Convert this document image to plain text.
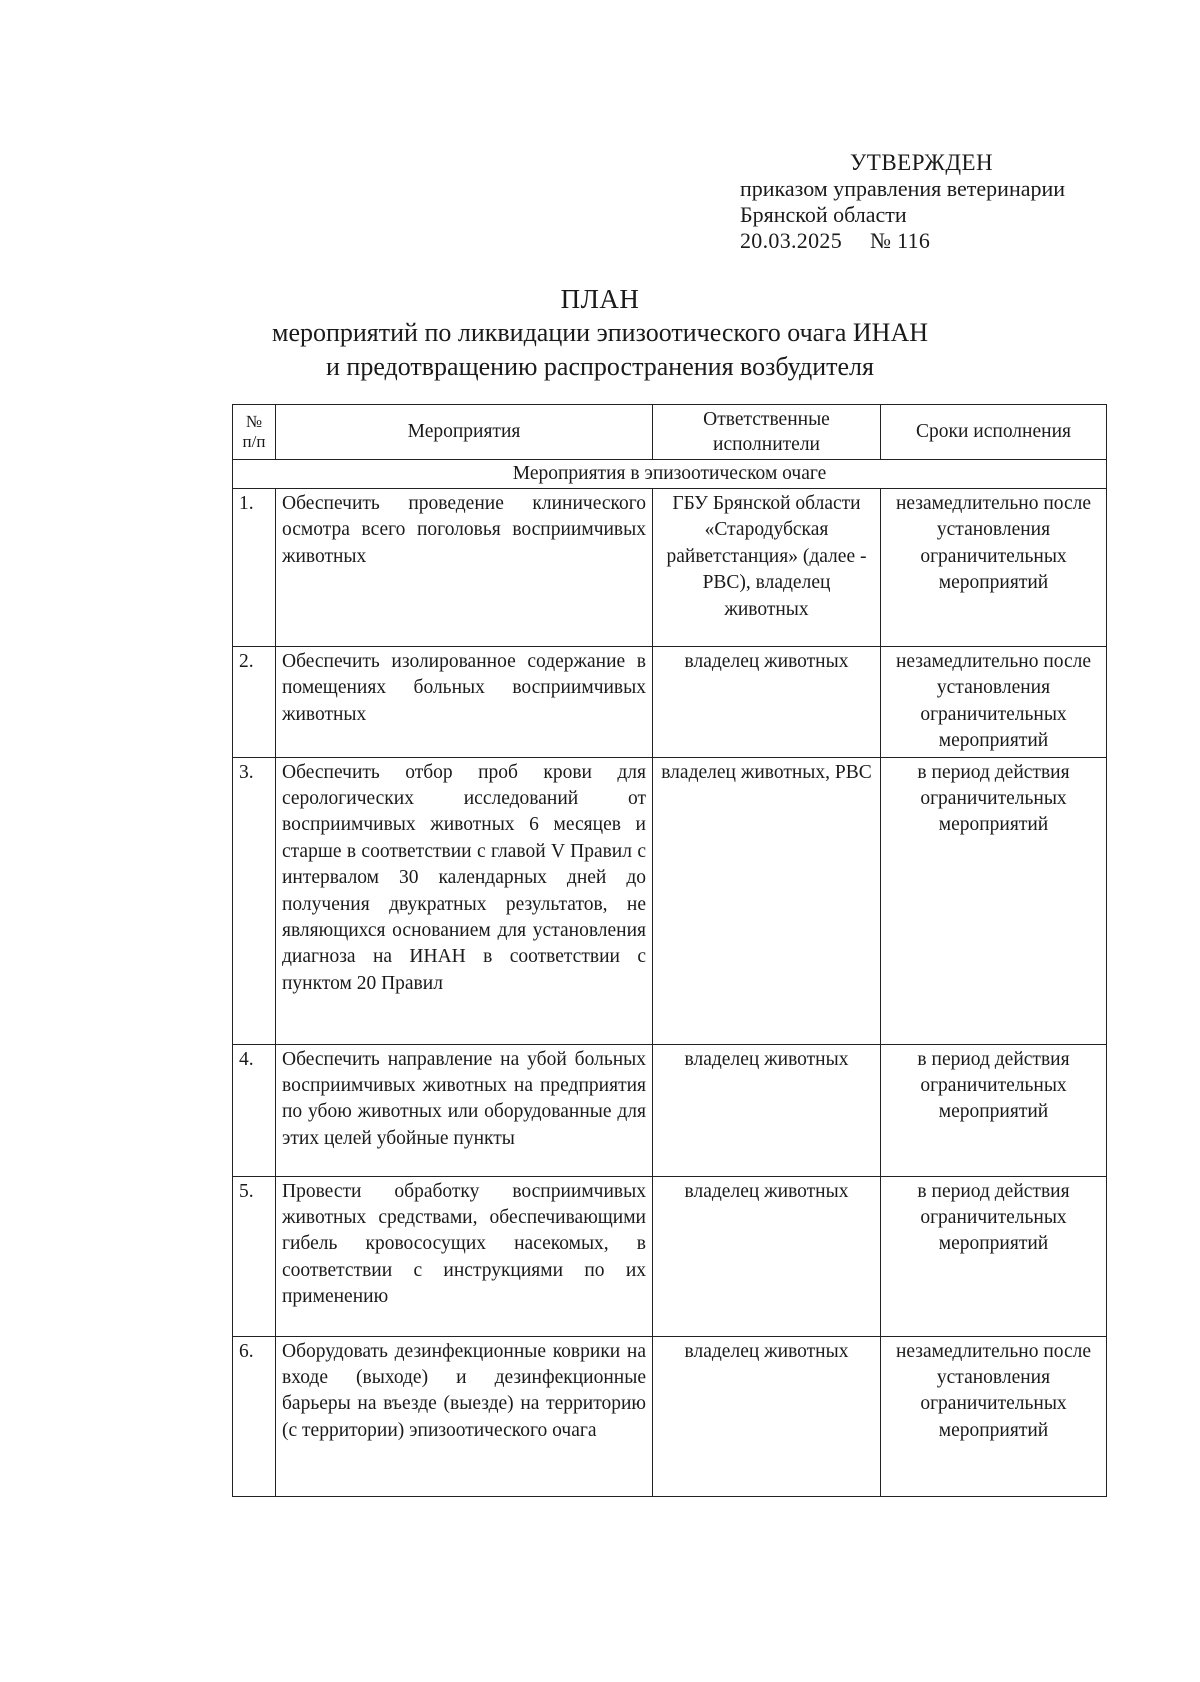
УТВЕРЖДЕН
приказом управления ветеринарии
Брянской области
20.03.2025 № 116
ПЛАН
мероприятий по ликвидации эпизоотического очага ИНАН
и предотвращению распространения возбудителя
№ п/п	Мероприятия	Ответственные исполнители	Сроки исполнения
Мероприятия в эпизоотическом очаге			
1.	Обеспечить проведение клинического осмотра всего поголовья восприимчивых животных	ГБУ Брянской области «Стародубская райветстанция» (далее - РВС), владелец животных	незамедлительно после установления ограничительных мероприятий
2.	Обеспечить изолированное содержание в помещениях больных восприимчивых животных	владелец животных	незамедлительно после установления ограничительных мероприятий
3.	Обеспечить отбор проб крови для серологических исследований от восприимчивых животных 6 месяцев и старше в соответствии с главой V Правил с интервалом 30 календарных дней до получения двукратных результатов, не являющихся основанием для установления диагноза на ИНАН в соответствии с пунктом 20 Правил	владелец животных, РВС	в период действия ограничительных мероприятий
4.	Обеспечить направление на убой больных восприимчивых животных на предприятия по убою животных или оборудованные для этих целей убойные пункты	владелец животных	в период действия ограничительных мероприятий
5.	Провести обработку восприимчивых животных средствами, обеспечивающими гибель кровососущих насекомых, в соответствии с инструкциями по их применению	владелец животных	в период действия ограничительных мероприятий
6.	Оборудовать дезинфекционные коврики на входе (выходе) и дезинфекционные барьеры на въезде (выезде) на территорию (с территории) эпизоотического очага	владелец животных	незамедлительно после установления ограничительных мероприятий
